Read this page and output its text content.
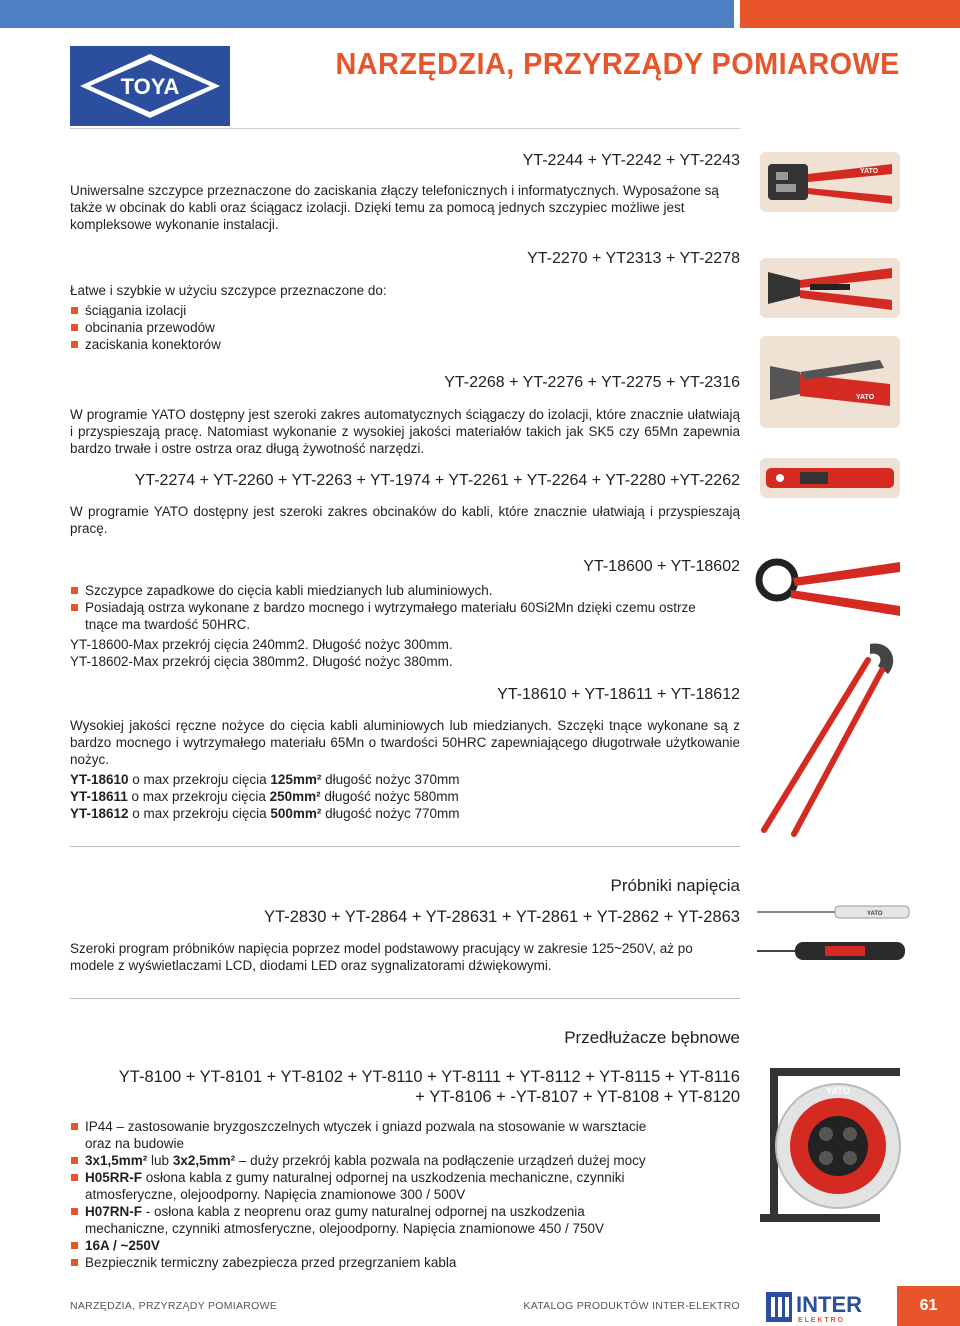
TOYA
NARZĘDZIA, PRZYRZĄDY POMIAROWE
YT-2244 + YT-2242 + YT-2243
Uniwersalne szczypce przeznaczone do zaciskania złączy telefonicznych i informatycznych. Wyposażone są także w obcinak do kabli oraz ściągacz izolacji. Dzięki temu za pomocą jednych szczypiec możliwe jest kompleksowe wykonanie instalacji.
YATO
YT-2270 + YT2313 + YT-2278
Łatwe i szybkie w użyciu szczypce przeznaczone do:
ściągania izolacji
obcinania przewodów
zaciskania konektorów
YT-2268 + YT-2276 + YT-2275 + YT-2316
W programie YATO dostępny jest szeroki zakres automatycznych ściągaczy do izolacji, które znacznie ułatwiają i przyspieszają pracę. Natomiast wykonanie z wysokiej jakości materiałów takich jak SK5 czy 65Mn zapewnia bardzo trwałe i ostre ostrza oraz długą żywotność narzędzi.
YATO
YT-2274 + YT-2260 + YT-2263 + YT-1974 + YT-2261 + YT-2264 + YT-2280 +YT-2262
W programie YATO dostępny jest szeroki zakres obcinaków do kabli, które znacznie ułatwiają i przyspieszają pracę.
YT-18600 + YT-18602
Szczypce zapadkowe do cięcia kabli miedzianych lub aluminiowych.
Posiadają ostrza wykonane z bardzo mocnego i wytrzymałego materiału 60Si2Mn dzięki czemu ostrze tnące ma twardość 50HRC.
YT-18600-Max przekrój cięcia 240mm2. Długość nożyc 300mm.
YT-18602-Max przekrój cięcia 380mm2. Długość nożyc 380mm.
YT-18610 + YT-18611 + YT-18612
Wysokiej jakości ręczne nożyce do cięcia kabli aluminiowych lub miedzianych. Szczęki tnące wykonane są z bardzo mocnego i wytrzymałego materiału 65Mn o twardości 50HRC zapewniającego długotrwałe użytkowanie nożyc.
YT-18610 o max przekroju cięcia 125mm² długość nożyc 370mm
YT-18611 o max przekroju cięcia 250mm² długość nożyc 580mm
YT-18612 o max przekroju cięcia 500mm² długość nożyc 770mm
Próbniki napięcia
YT-2830 + YT-2864 + YT-28631 + YT-2861 + YT-2862 + YT-2863
Szeroki program próbników napięcia poprzez model podstawowy pracujący w zakresie 125~250V, aż po modele z wyświetlaczami LCD, diodami LED oraz sygnalizatorami dźwiękowymi.
YATO
Przedłużacze bębnowe
YT-8100 + YT-8101 + YT-8102 + YT-8110 + YT-8111 + YT-8112 + YT-8115 + YT-8116
+ YT-8106 + -YT-8107 + YT-8108 + YT-8120
IP44 – zastosowanie bryzgoszczelnych wtyczek i gniazd pozwala na stosowanie w warsztacie oraz na budowie
3x1,5mm² lub 3x2,5mm² – duży przekrój kabla pozwala na podłączenie urządzeń dużej mocy
H05RR-F osłona kabla z gumy naturalnej odpornej na uszkodzenia mechaniczne, czynniki atmosferyczne, olejoodporny. Napięcia znamionowe 300 / 500V
H07RN-F - osłona kabla z neoprenu oraz gumy naturalnej odpornej na uszkodzenia mechaniczne, czynniki atmosferyczne, olejoodporny. Napięcia znamionowe 450 / 750V
16A / ~250V
Bezpiecznik termiczny zabezpiecza przed przegrzaniem kabla
YATO
NARZĘDZIA, PRZYRZĄDY POMIAROWE	KATALOG PRODUKTÓW INTER-ELEKTRO	INTER
E L E K T R O
61
